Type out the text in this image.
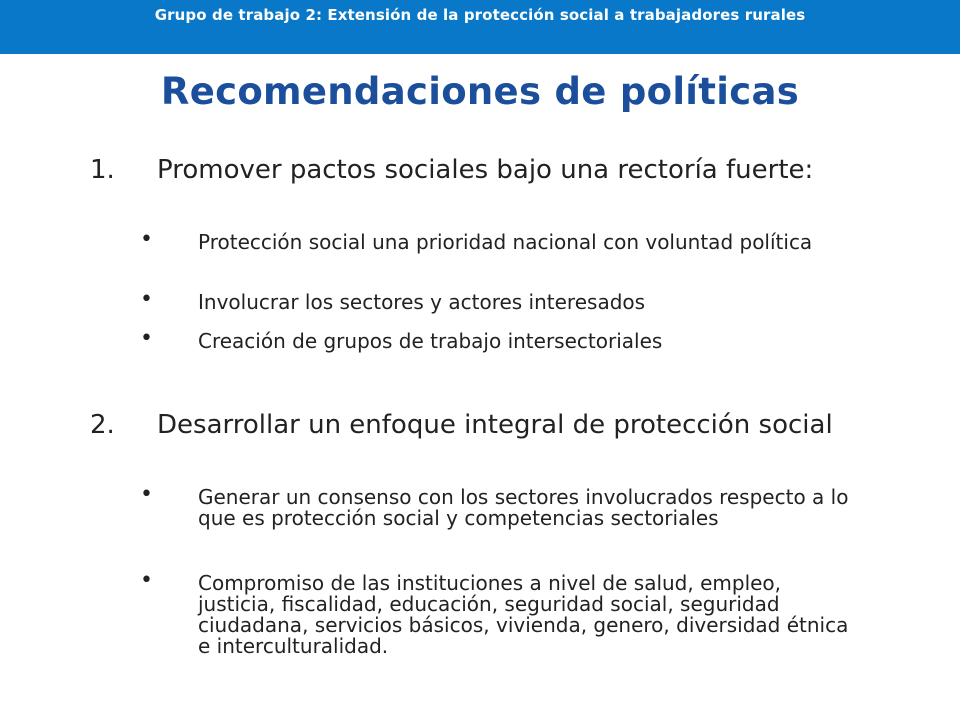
Grupo de trabajo 2: Extensión de la protección social a trabajadores rurales
Recomendaciones de políticas
1.	Promover pactos sociales bajo una rectoría fuerte:
• Protección social una prioridad nacional con voluntad política
• Involucrar los sectores y actores interesados
• Creación de grupos de trabajo intersectoriales
2.	Desarrollar un enfoque integral de protección social
• Generar un consenso con los sectores involucrados respecto a lo que es protección social y competencias sectoriales
• Compromiso de las instituciones a nivel de salud, empleo, justicia, fiscalidad, educación, seguridad social, seguridad ciudadana, servicios básicos, vivienda, genero, diversidad étnica e interculturalidad.
